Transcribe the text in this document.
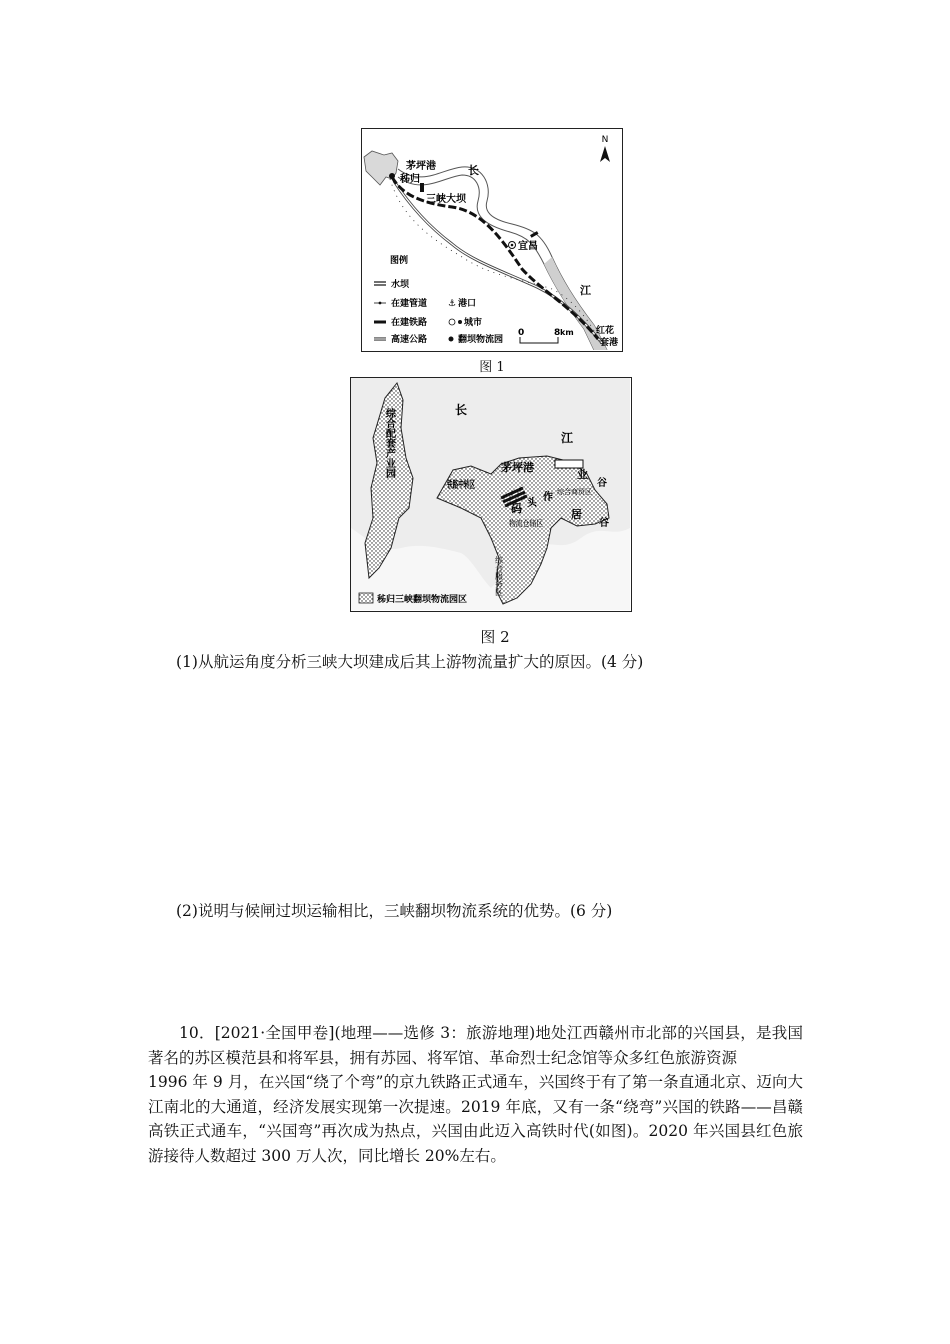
N
茅坪港
秭归
长
三峡大坝
宜昌
江
红花
套港
图例
水坝
在建管道 ⚓ 港口
在建铁路	城市
高速公路	翻坝物流园
0	8 km
图 1
长
江
茅坪港
综合配套产业园
铁路中转区
业
综合商贸区
码 头
作
物流仓储区
居
谷
谷
综合服务区
秭归三峡翻坝物流园区
图 2
(1)从航运角度分析三峡大坝建成后其上游物流量扩大的原因。(4 分)
(2)说明与候闸过坝运输相比，三峡翻坝物流系统的优势。(6 分)

10．[2021·全国甲卷](地理——选修 3：旅游地理)地处江西赣州市北部的兴国县，是我国著名的苏区模范县和将军县，拥有苏园、将军馆、革命烈士纪念馆等众多红色旅游资源

1996 年 9 月，在兴国“绕了个弯”的京九铁路正式通车，兴国终于有了第一条直通北京、迈向大江南北的大通道，经济发展实现第一次提速。2019 年底，又有一条“绕弯”兴国的铁路——昌赣高铁正式通车，“兴国弯”再次成为热点，兴国由此迈入高铁时代(如图)。2020 年兴国县红色旅游接待人数超过 300 万人次，同比增长 20%左右。
